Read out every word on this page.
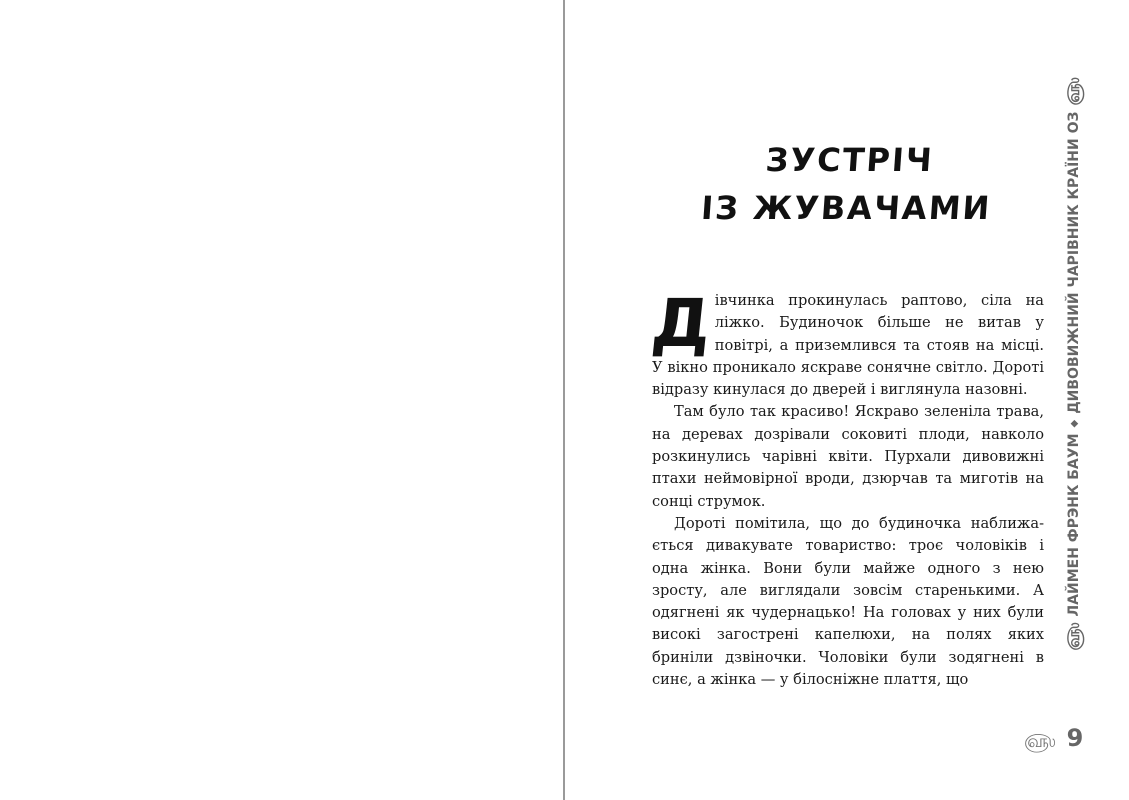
ЗУСТРІЧ
ІЗ ЖУВАЧАМИ

Дівчинка прокинулась раптово, сіла на ліжко. Будиночок більше не витав у повітрі, а приземлився та стояв на місці. У вікно проникало яскраве сонячне світло. Дороті відразу кинулася до дверей і виглянула назовні.

Там було так красиво! Яскраво зеленіла трава, на деревах дозрівали соковиті плоди, навколо розкинулись чарівні квіти. Пурхали дивовижні птахи неймовірної вроди, дзюрчав та миготів на сонці струмок.

Дороті помітила, що до будиночка наближається дивакувате товариство: троє чоловіків і одна жінка. Вони були майже одного з нею зросту, але виглядали зовсім старенькими. А одягнені як чудернацько! На головах у них були високі загострені капелюхи, на полях яких бриніли дзвіночки. Чоловіки були зодягнені в синє, а жінка — у білосніжне плаття, що

௵
ЛАЙМЕН ФРЭНК БАУМ
◆
ДИВОВИЖНИЙ ЧАРІВНИК КРАЇНИ ОЗ
௵
௵ 9
